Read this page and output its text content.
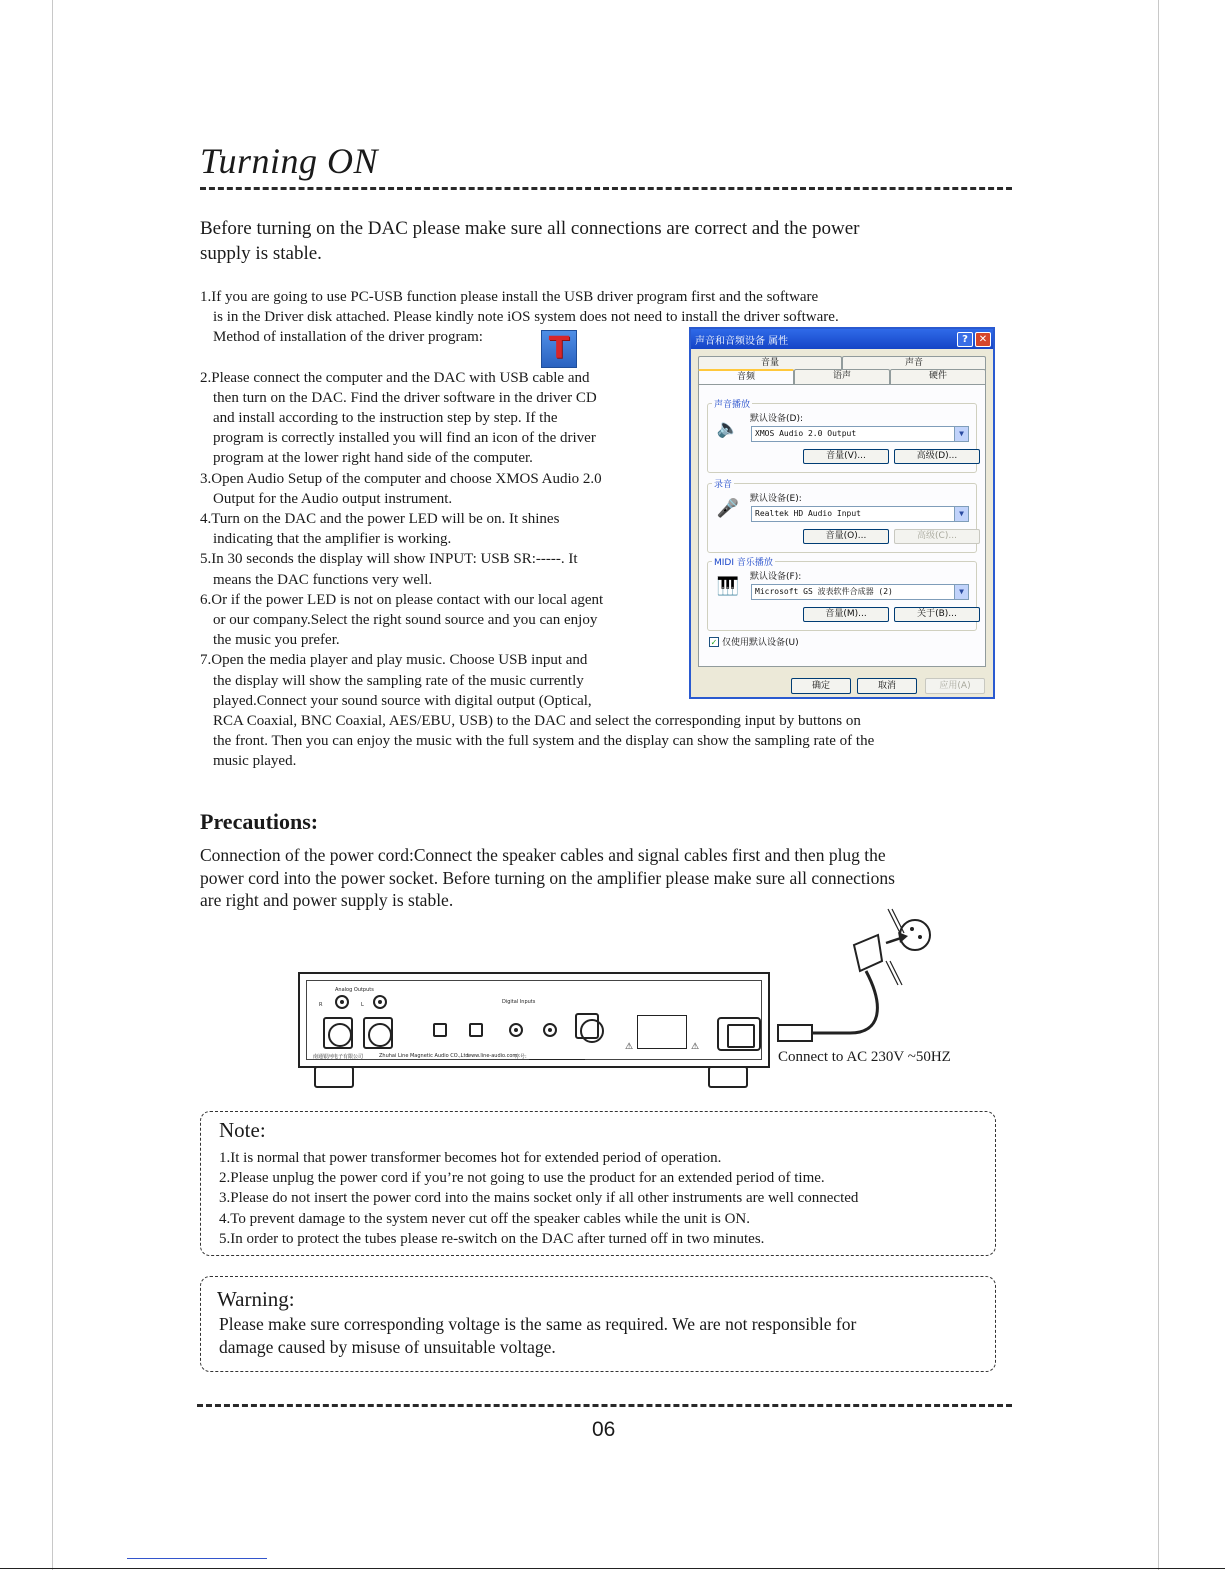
Turning ON
Before turning on the DAC please make sure all connections are correct and the power
supply is stable.
1.If you are going to use PC-USB function please install the USB driver program first and the software
is in the Driver disk attached. Please kindly note iOS system does not need to install the driver software.
Method of installation of the driver program:
2.Please connect the computer and the DAC with USB cable and
then turn on the DAC. Find the driver software in the driver CD
and install according to the instruction step by step. If the
program is correctly installed you will find an icon of the driver
program at the lower right hand side of the computer.
3.Open Audio Setup of the computer and choose XMOS Audio 2.0
Output for the Audio output instrument.
4.Turn on the DAC and the power LED will be on. It shines
indicating that the amplifier is working.
5.In 30 seconds the display will show INPUT: USB SR:-----. It
means the DAC functions very well.
6.Or if the power LED is not on please contact with our local agent
or our company.Select the right sound source and you can enjoy
the music you prefer.
7.Open the media player and play music. Choose USB input and
the display will show the sampling rate of the music currently
played.Connect your sound source with digital output (Optical,
RCA Coaxial, BNC Coaxial, AES/EBU, USB) to the DAC and select the corresponding input by buttons on
the front. Then you can enjoy the music with the full system and the display can show the sampling rate of the
music played.
T	声音和音频设备 属性	?	✕
音量	声音
音频	语声	硬件
声音播放
🔈 默认设备(D):
XMOS Audio 2.0 Output	▼
音量(V)...	高级(D)...
录音
🎤 默认设备(E):
Realtek HD Audio Input	▼
音量(O)...	高级(C)...
MIDI 音乐播放
🎹 默认设备(F):
Microsoft GS 波表软件合成器 (2)	▼
音量(M)...	关于(B)...
✓ 仅使用默认设备(U)
确定	取消	应用(A)
Precautions:
Connection of the power cord:Connect the speaker cables and signal cables first and then plug the
power cord into the power socket. Before turning on the amplifier please make sure all connections
are right and power supply is stable.
Analog Outputs
R	L	Digital Inputs
⚠	⚠
南通银河电子有限公司	Zhuhai Line Magnetic Audio CO.,Ltd
www.line-audio.com
序号:	Connect to AC 230V ~50HZ
Note:
1.It is normal that power transformer becomes hot for extended period of operation.
2.Please unplug the power cord if you’re not going to use the product for an extended period of time.
3.Please do not insert the power cord into the mains socket only if all other instruments are well connected
4.To prevent damage to the system never cut off the speaker cables while the unit is ON.
5.In order to protect the tubes please re-switch on the DAC after turned off in two minutes.
Warning:
Please make sure corresponding voltage is the same as required. We are not responsible for
damage caused by misuse of unsuitable voltage.
06
